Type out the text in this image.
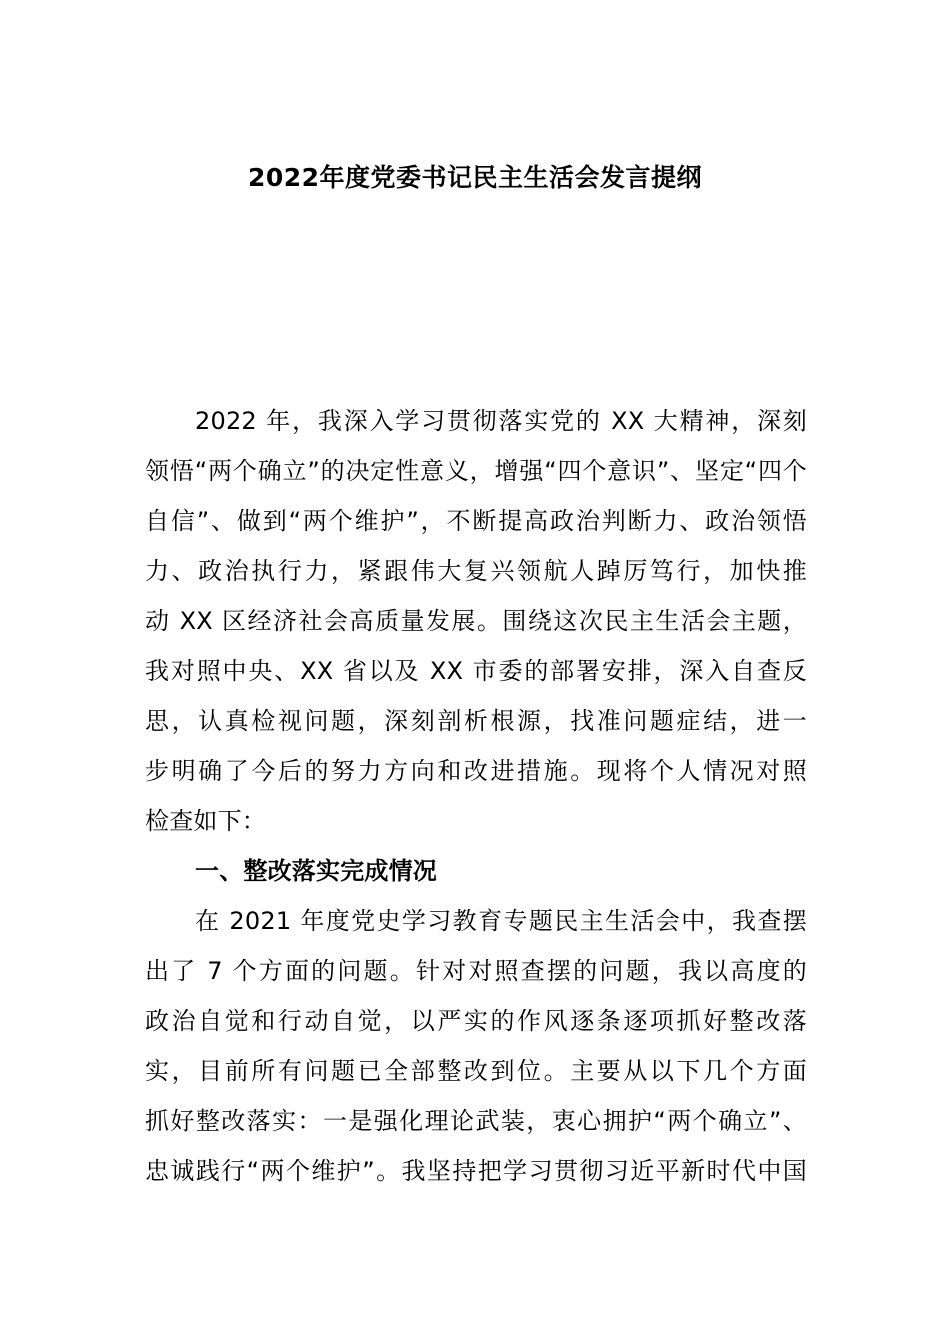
2022年度党委书记民主生活会发言提纲
2022 年，我深入学习贯彻落实党的 XX 大精神，深刻
领悟“两个确立”的决定性意义，增强“四个意识”、坚定“四个
自信”、做到“两个维护”，不断提高政治判断力、政治领悟
力、政治执行力，紧跟伟大复兴领航人踔厉笃行，加快推
动 XX 区经济社会高质量发展。围绕这次民主生活会主题，
我对照中央、XX 省以及 XX 市委的部署安排，深入自查反
思，认真检视问题，深刻剖析根源，找准问题症结，进一
步明确了今后的努力方向和改进措施。现将个人情况对照
检查如下：
一、整改落实完成情况
在 2021 年度党史学习教育专题民主生活会中，我查摆
出了 7 个方面的问题。针对对照查摆的问题，我以高度的
政治自觉和行动自觉，以严实的作风逐条逐项抓好整改落
实，目前所有问题已全部整改到位。主要从以下几个方面
抓好整改落实：一是强化理论武装，衷心拥护“两个确立”、
忠诚践行“两个维护”。我坚持把学习贯彻习近平新时代中国
